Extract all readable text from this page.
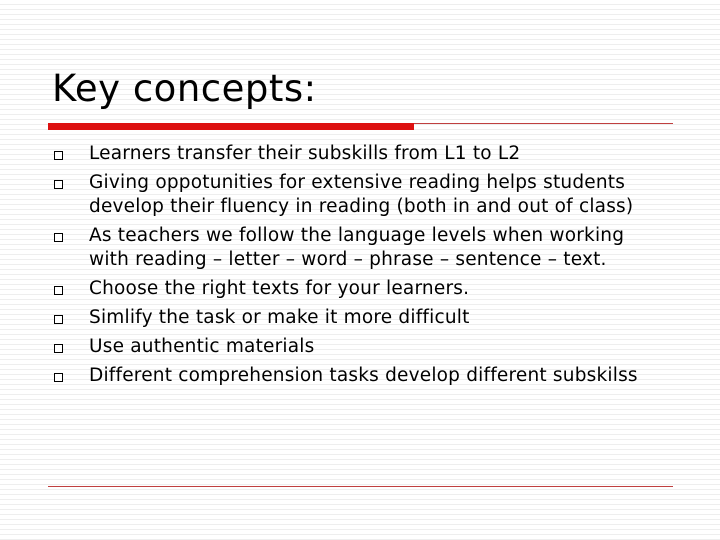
Key concepts:
Learners transfer their subskills from L1 to L2
Giving oppotunities for extensive reading helps students develop their fluency in reading (both in and out of class)
As teachers we follow the language levels when working with reading – letter – word – phrase – sentence – text.
Choose the right texts for your learners.
Simlify the task or make it more difficult
Use authentic materials
Different comprehension tasks develop different subskilss
